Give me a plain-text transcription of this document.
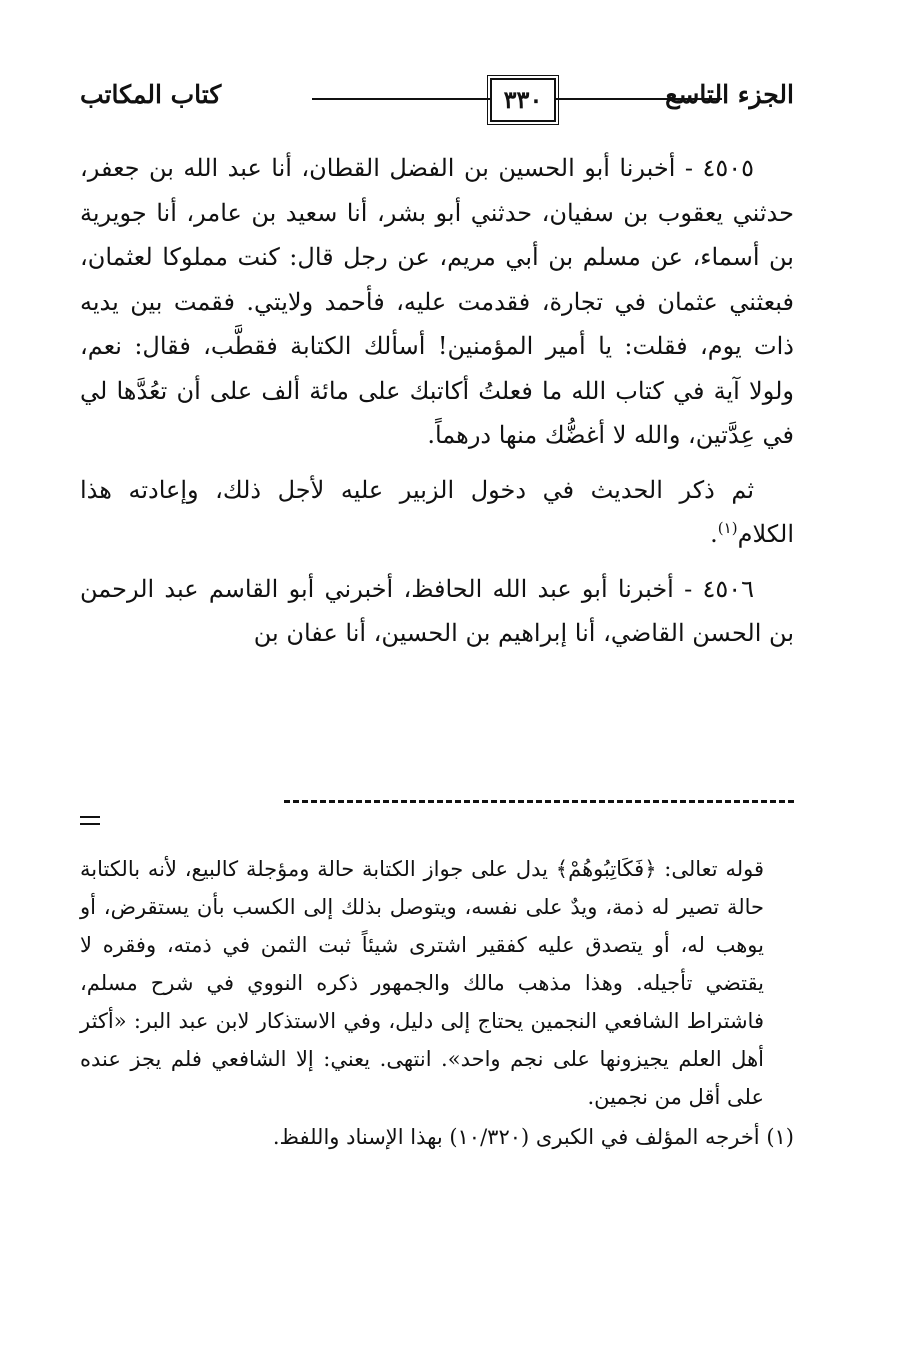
الجزء التاسع
٣٣٠
كتاب المكاتب

٤٥٠٥ - أخبرنا أبو الحسين بن الفضل القطان، أنا عبد الله بن جعفر، حدثني يعقوب بن سفيان، حدثني أبو بشر، أنا سعيد بن عامر، أنا جويرية بن أسماء، عن مسلم بن أبي مريم، عن رجل قال: كنت مملوكا لعثمان، فبعثني عثمان في تجارة، فقدمت عليه، فأحمد ولايتي. فقمت بين يديه ذات يوم، فقلت: يا أمير المؤمنين! أسألك الكتابة فقطَّب، فقال: نعم، ولولا آية في كتاب الله ما فعلتُ أكاتبك على مائة ألف على أن تعُدَّها لي في عِدَّتين، والله لا أغضُّك منها درهماً.

ثم ذكر الحديث في دخول الزبير عليه لأجل ذلك، وإعادته هذا الكلام$^{(١)}$.

٤٥٠٦ - أخبرنا أبو عبد الله الحافظ، أخبرني أبو القاسم عبد الرحمن بن الحسن القاضي، أنا إبراهيم بن الحسين، أنا عفان بن

قوله تعالى: ﴿فَكَاتِبُوهُمْ﴾ يدل على جواز الكتابة حالة ومؤجلة كالبيع، لأنه بالكتابة حالة تصير له ذمة، ويدٌ على نفسه، ويتوصل بذلك إلى الكسب بأن يستقرض، أو يوهب له، أو يتصدق عليه كفقير اشترى شيئاً ثبت الثمن في ذمته، وفقره لا يقتضي تأجيله. وهذا مذهب مالك والجمهور ذكره النووي في شرح مسلم، فاشتراط الشافعي النجمين يحتاج إلى دليل، وفي الاستذكار لابن عبد البر: «أكثر أهل العلم يجيزونها على نجم واحد». انتهى. يعني: إلا الشافعي فلم يجز عنده على أقل من نجمين.

(١) أخرجه المؤلف في الكبرى (١٠/٣٢٠) بهذا الإسناد واللفظ.
